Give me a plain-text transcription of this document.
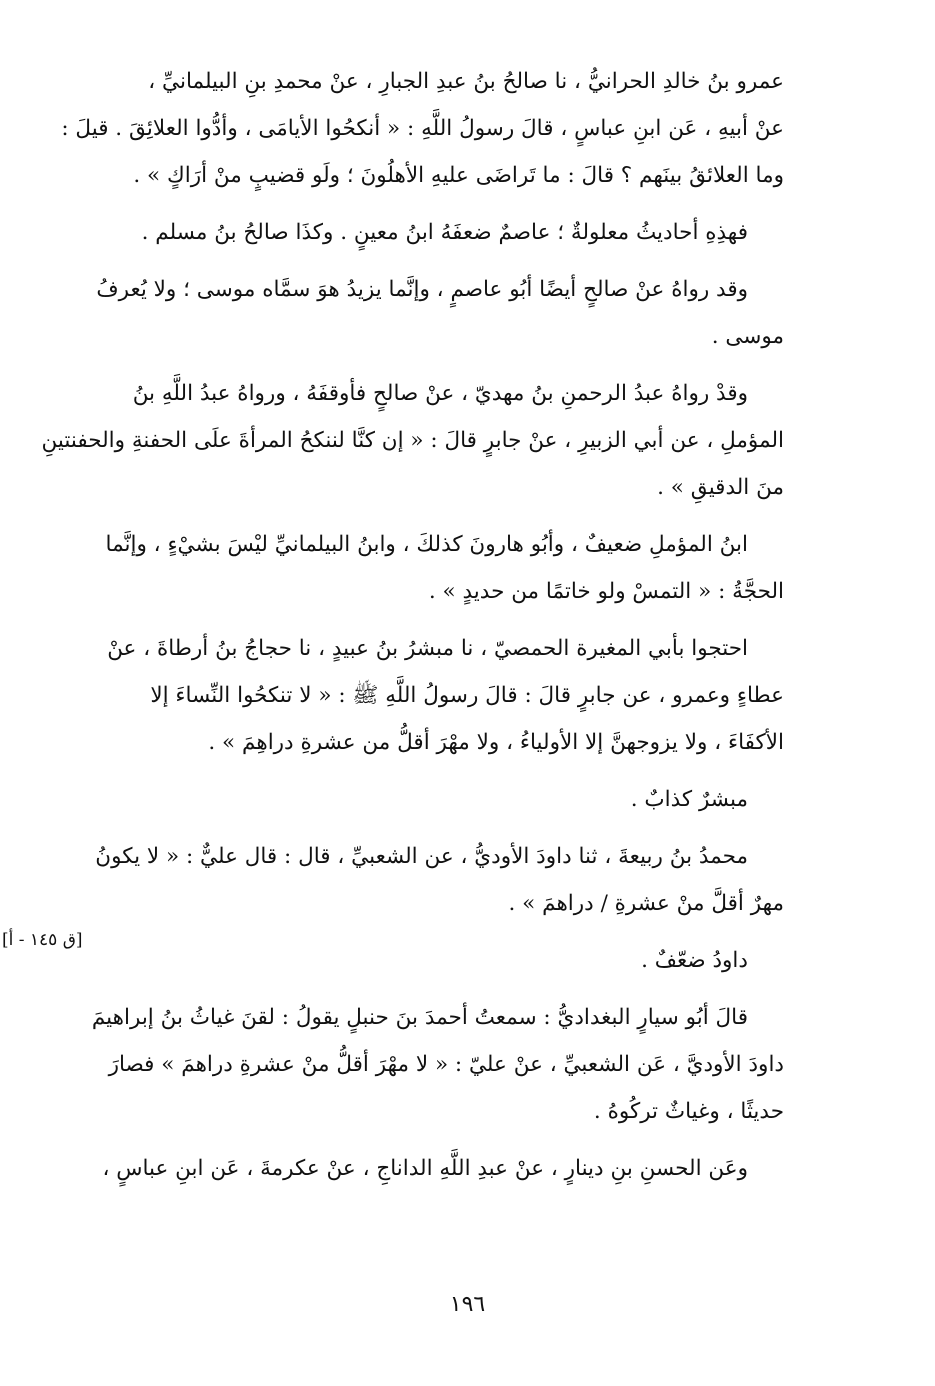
عمرو بنُ خالدِ الحرانيُّ ، نا صالحُ بنُ عبدِ الجبارِ ، عنْ محمدِ بنِ البيلمانيِّ ،
عنْ أبيهِ ، عَن ابنِ عباسٍ ، قالَ رسولُ اللَّهِ : « أنكحُوا الأيامَى ، وأدُّوا العلائِقَ . قيلَ :
وما العلائقُ بينَهم ؟ قالَ : ما تَراضَى عليهِ الأهلُونَ ؛ ولَو قضيبٍ منْ أرَاكٍ » .
فهذِهِ أحاديثُ معلولةٌ ؛ عاصمٌ ضعفَهُ ابنُ معينٍ . وكذَا صالحُ بنُ مسلم .
وقد رواهُ عنْ صالحٍ أيضًا أبُو عاصمٍ ، وإنَّما يزيدُ هوَ سمَّاه موسى ؛ ولا يُعرفُ
موسى .
وقدْ رواهُ عبدُ الرحمنِ بنُ مهديّ ، عنْ صالحٍ فأوقفَهُ ، ورواهُ عبدُ اللَّهِ بنُ
المؤملِ ، عن أبي الزبيرِ ، عنْ جابرٍ قالَ : « إن كنَّا لننكحُ المرأةَ علَى الحفنةِ والحفنتينِ
منَ الدقيقِ » .
ابنُ المؤملِ ضعيفٌ ، وأبُو هارونَ كذلكَ ، وابنُ البيلمانيِّ ليْسَ بشيْءٍ ، وإنَّما
الحجَّةُ : « التمسْ ولو خاتمًا من حديدٍ » .
احتجوا بأبي المغيرة الحمصيّ ، نا مبشرُ بنُ عبيدٍ ، نا حجاجُ بنُ أرطاةَ ، عنْ
عطاءٍ وعمرو ، عن جابرٍ قالَ : قالَ رسولُ اللَّهِ ﷺ : « لا تنكحُوا النِّساءَ إلا
الأكفَاءَ ، ولا يزوجهنَّ إلا الأولياءُ ، ولا مهْرَ أقلُّ من عشرةِ دراهِمَ » .
مبشرٌ كذابٌ .
محمدُ بنُ ربيعةَ ، ثنا داودَ الأوديُّ ، عن الشعبيِّ ، قال : قال عليٌّ : « لا يكونُ
مهرٌ أقلَّ منْ عشرةِ / دراهمَ » .
داودُ ضعّفٌ .
قالَ أبُو سيارٍ البغداديُّ : سمعتُ أحمدَ بنَ حنبلٍ يقولُ : لقنَ غياثُ بنُ إبراهيمَ
داودَ الأوديَّ ، عَن الشعبيِّ ، عنْ عليّ : « لا مهْرَ أقلُّ منْ عشرةِ دراهمَ » فصارَ
حديثًا ، وغياثٌ تركُوهُ .
وعَن الحسنِ بنِ دينارٍ ، عنْ عبدِ اللَّهِ الداناجِ ، عنْ عكرمةَ ، عَن ابنِ عباسٍ ،
[ق ١٤٥ - أ]
١٩٦
